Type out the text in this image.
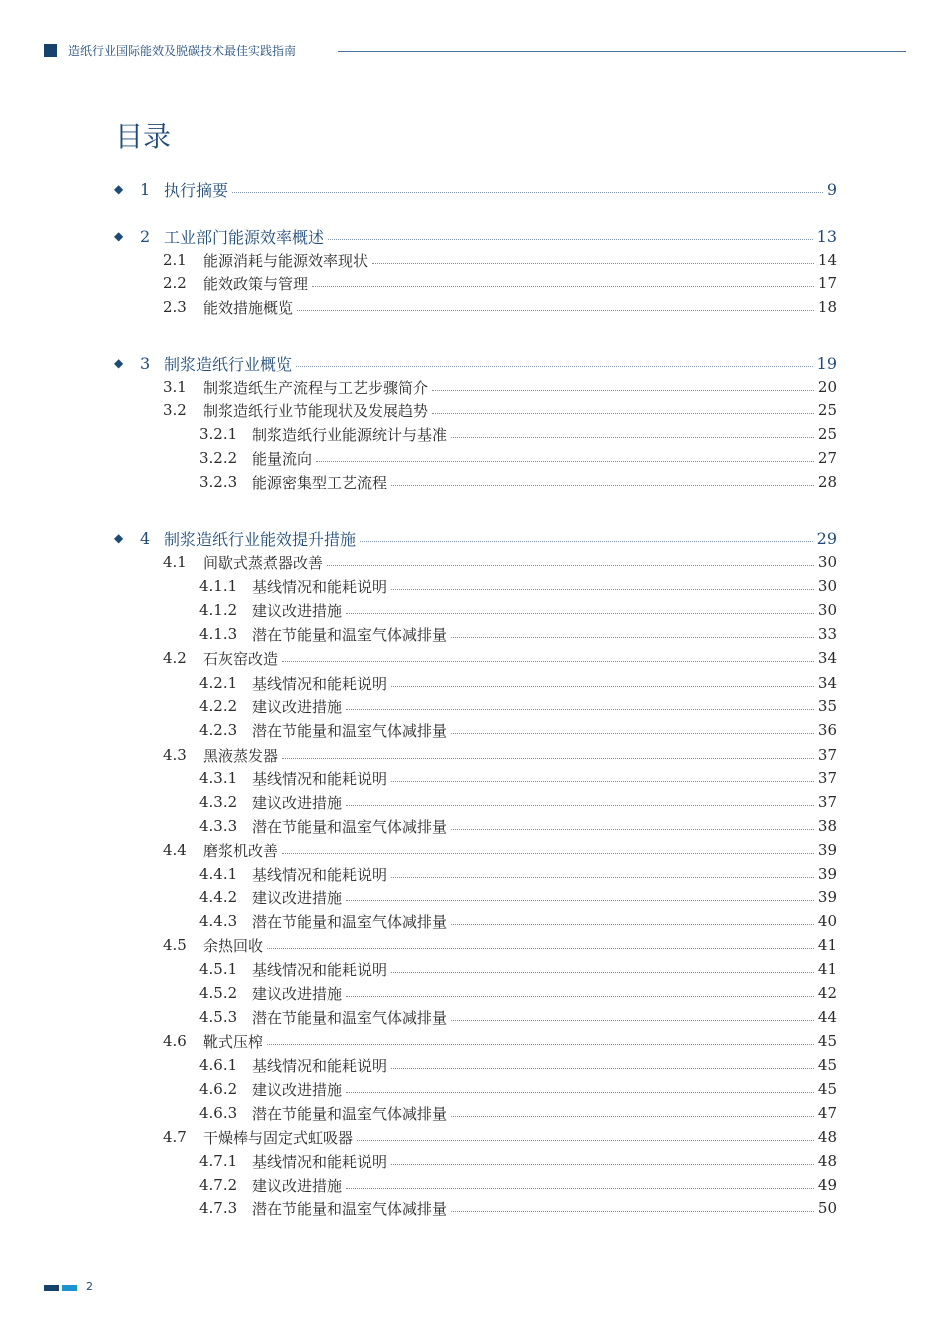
造纸行业国际能效及脱碳技术最佳实践指南
目录
◆ 1 执行摘要	9
◆ 2 工业部门能源效率概述	13
2.1	能源消耗与能源效率现状	14
2.2	能效政策与管理	17
2.3	能效措施概览	18
◆ 3 制浆造纸行业概览	19
3.1	制浆造纸生产流程与工艺步骤简介	20
3.2	制浆造纸行业节能现状及发展趋势	25
3.2.1 制浆造纸行业能源统计与基准	25
3.2.2 能量流向	27
3.2.3 能源密集型工艺流程	28
◆ 4 制浆造纸行业能效提升措施	29
4.1	间歇式蒸煮器改善	30
4.1.1 基线情况和能耗说明	30
4.1.2 建议改进措施	30
4.1.3 潜在节能量和温室气体减排量	33
4.2	石灰窑改造	34
4.2.1 基线情况和能耗说明	34
4.2.2 建议改进措施	35
4.2.3 潜在节能量和温室气体减排量	36
4.3	黑液蒸发器	37
4.3.1 基线情况和能耗说明	37
4.3.2 建议改进措施	37
4.3.3 潜在节能量和温室气体减排量	38
4.4	磨浆机改善	39
4.4.1 基线情况和能耗说明	39
4.4.2 建议改进措施	39
4.4.3 潜在节能量和温室气体减排量	40
4.5	余热回收	41
4.5.1 基线情况和能耗说明	41
4.5.2 建议改进措施	42
4.5.3 潜在节能量和温室气体减排量	44
4.6	靴式压榨	45
4.6.1 基线情况和能耗说明	45
4.6.2 建议改进措施	45
4.6.3 潜在节能量和温室气体减排量	47
4.7	干燥棒与固定式虹吸器	48
4.7.1 基线情况和能耗说明	48
4.7.2 建议改进措施	49
4.7.3 潜在节能量和温室气体减排量	50
2
